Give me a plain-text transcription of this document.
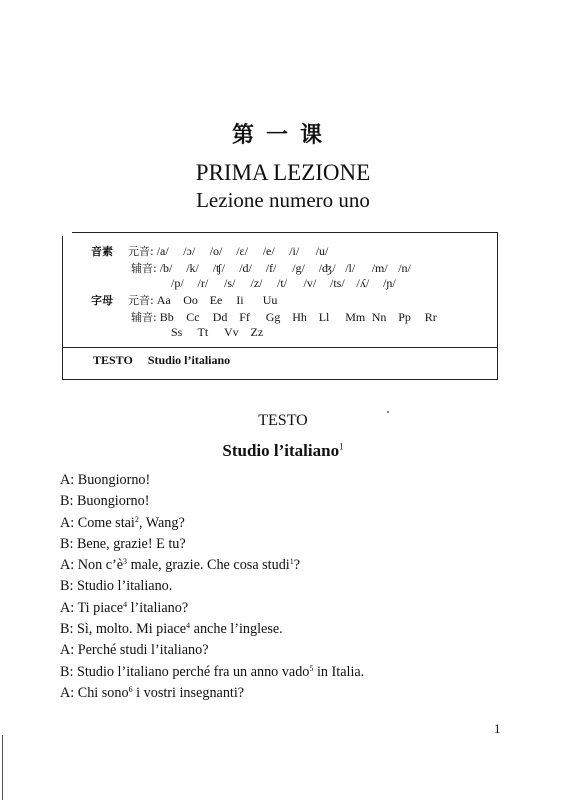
第一课
PRIMA LEZIONE
Lezione numero uno
音素 元音: /a/ /ɔ/ /o/ /ɛ/ /e/ /i/ /u/
辅音: /b/ /k/ /ʧ/ /d/ /f/ /g/ /ʤ/ /l/ /m/ /n/
/p/ /r/ /s/ /z/ /t/ /v/ /ts/ /ʎ/ /ɲ/
字母 元音: Aa Oo Ee Ii Uu
辅音: Bb Cc Dd Ff Gg Hh Ll Mm Nn Pp Rr
Ss Tt Vv Zz
TESTO Studio l’italiano
TESTO
Studio l’italiano$^1$
A: Buongiorno!
B: Buongiorno!
A: Come stai$^2$, Wang?
B: Bene, grazie! E tu?
A: Non $c’è^3$ male, grazie. Che cosa studi$^1$?
B: Studio l’italiano.
A: Ti piace$^4$ l’italiano?
B: Sì, molto. Mi piace$^4$ anche l’inglese.
A: Perché studi l’italiano?
B: Studio l’italiano perché fra un anno vado$^5$ in Italia.
A: Chi sono$^6$ i vostri insegnanti?
1
